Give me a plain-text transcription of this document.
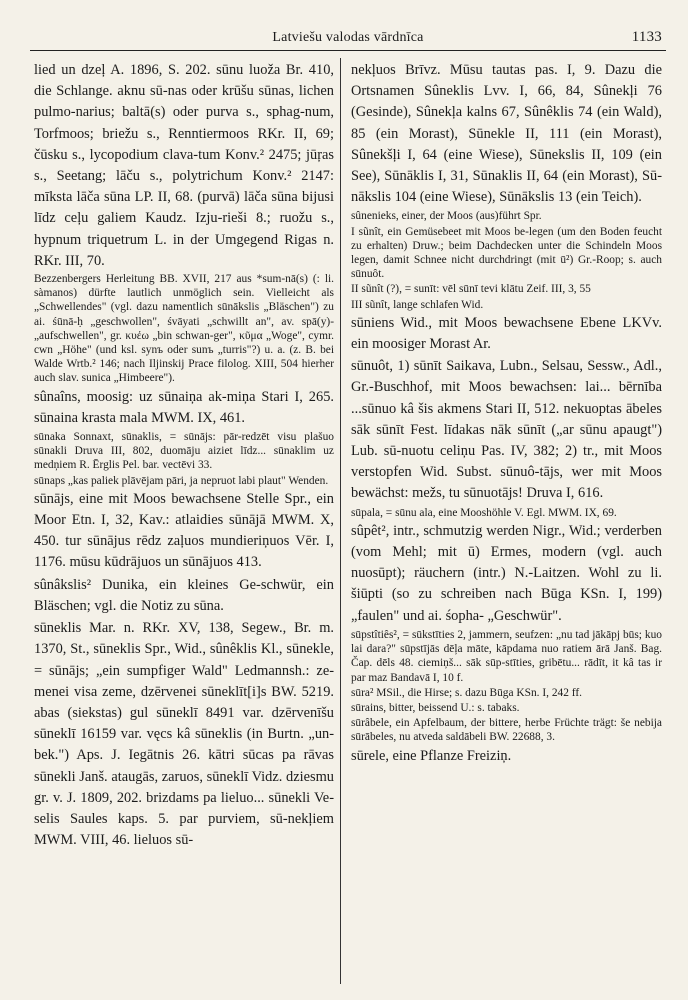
Latviešu valodas vārdnīca	1133

lied un dzeļ A. 1896, S. 202. sūnu luoža Br. 410, die Schlange. aknu sū-nas oder krūšu sūnas, lichen pulmo-narius; baltā(s) oder purva s., sphag-num, Torfmoos; briežu s., Renntiermoos RKr. II, 69; čūsku s., lycopodium clava-tum Konv.² 2475; jūŗas s., Seetang; lāču s., polytrichum Konv.² 2147: mīksta lāča sūna LP. II, 68. (purvā) lāča sūna bijusi līdz ceļu galiem Kaudz. Izju-rieši 8.; ruožu s., hypnum triquetrum L. in der Umgegend Rigas n. RKr. III, 70.

Bezzenbergers Herleitung BB. XVII, 217 aus *sum-nā(s) (: li. sàmanos) dürfte lautlich unmöglich sein. Vielleicht als „Schwellendes" (vgl. dazu namentlich sūnākslis „Bläschen") zu ai. śūnā-ḥ „geschwollen", śvāyati „schwillt an", av. spā(y)- „aufschwellen", gr. κυέω „bin schwan-ger", κῦμα „Woge", cymr. cwn „Höhe" (und ksl. synъ oder sunъ „turris"?) u. a. (z. B. bei Walde Wrtb.² 146; nach Iljinskij Prace filolog. XIII, 504 hierher auch slav. sunica „Himbeere").

sûnaîns, moosig: uz sūnaiņa ak-miņa Stari I, 265. sūnaina krasta mala MWM. IX, 461.

sūnaka Sonnaxt, sūnaklis, = sūnājs: pār-redzēt visu plašuo sūnakli Druva III, 802, duomāju aiziet līdz... sūnaklim uz medņiem R. Ērglis Pel. bar. vectēvi 33.

sūnaps „kas paliek plāvējam pāri, ja nepruot labi plaut" Wenden.

sūnājs, eine mit Moos bewachsene Stelle Spr., ein Moor Etn. I, 32, Kav.: atlaidies sūnājā MWM. X, 450. tur sūnājus rēdz zaļuos mundieriņuos Vēr. I, 1176. mūsu kūdrājuos un sūnājuos 413.

sûnâkslis² Dunika, ein kleines Ge-schwür, ein Bläschen; vgl. die Notiz zu sūna.

sūneklis Mar. n. RKr. XV, 138, Segew., Br. m. 1370, St., sūneklis Spr., Wid., sûnêklis Kl., sūnekle, = sūnājs; „ein sumpfiger Wald" Ledmannsh.: ze-menei visa zeme, dzērvenei sūneklīt[i]s BW. 5219. abas (siekstas) gul sūneklī 8491 var. dzērvenīšu sūneklī 16159 var. vęcs kâ sūneklis (in Burtn. „un-bek.") Aps. J. Iegātnis 26. kātri sūcas pa rāvas sūnekli Janš. ataugās, zaruos, sūneklī Vidz. dziesmu gr. v. J. 1809, 202. brizdams pa lieluo... sūnekli Ve-selis Saules kaps. 5. par purviem, sū-nekļiem MWM. VIII, 46. lieluos sū-

nekļuos Brīvz. Mūsu tautas pas. I, 9. Dazu die Ortsnamen Sûneklis Lvv. I, 66, 84, Sûnekļi 76 (Gesinde), Sûnekļa kalns 67, Sûnêklis 74 (ein Wald), 85 (ein Morast), Sūnekle II, 111 (ein Morast), Sûnekšļi I, 64 (eine Wiese), Sūnekslis II, 109 (ein See), Sūnāklis I, 31, Sūnaklis II, 64 (ein Morast), Sū-nākslis 104 (eine Wiese), Sūnākslis 13 (ein Teich).

sûnenieks, einer, der Moos (aus)führt Spr.

I sũnît, ein Gemüsebeet mit Moos be-legen (um den Boden feucht zu erhalten) Druw.; beim Dachdecken unter die Schindeln Moos legen, damit Schnee nicht durchdringt (mit ū²) Gr.-Roop; s. auch sūnuôt.

II sũnît (?), = sunīt: vēl sūnī tevi klātu Zeif. III, 3, 55

III sũnît, lange schlafen Wid.

sūniens Wid., mit Moos bewachsene Ebene LKVv. ein moosiger Morast Ar.

sūnuôt, 1) sūnīt Saikava, Lubn., Selsau, Sessw., Adl., Gr.-Buschhof, mit Moos bewachsen: lai... bērnība ...sūnuo kâ šis akmens Stari II, 512. nekuoptas ābeles sāk sūnīt Fest. līdakas nāk sūnīt („ar sūnu apaugt") Lub. sū-nuotu celiņu Pas. IV, 382; 2) tr., mit Moos verstopfen Wid. Subst. sūnuô-tājs, wer mit Moos bewächst: mežs, tu sūnuotājs! Druva I, 616.

sūpala, = sūnu ala, eine Mooshöhle V. Egl. MWM. IX, 69.

sûpêt², intr., schmutzig werden Nigr., Wid.; verderben (vom Mehl; mit ū) Ermes, modern (vgl. auch nuosūpt); räuchern (intr.) N.-Laitzen. Wohl zu li. šiūpti (so zu schreiben nach Būga KSn. I, 199) „faulen" und ai. śopha- „Geschwür".

sūpstîtiês², = sūkstīties 2, jammern, seufzen: „nu tad jākāpj būs; kuo lai dara?" sūpstījās dēļa māte, kāpdama nuo ratiem ārā Janš. Bag. Čap. dēls 48. ciemiņš... sāk sūp-stīties, gribētu... rādīt, it kâ tas ir par maz Bandavā I, 10 f.

sūra² MSil., die Hirse; s. dazu Būga KSn. I, 242 ff.

sūrains, bitter, beissend U.: s. tabaks.

sūrâbele, ein Apfelbaum, der bittere, herbe Früchte trägt: še nebija sūrābeles, nu atveda saldābeli BW. 22688, 3.

sūrele, eine Pflanze Freiziņ.
